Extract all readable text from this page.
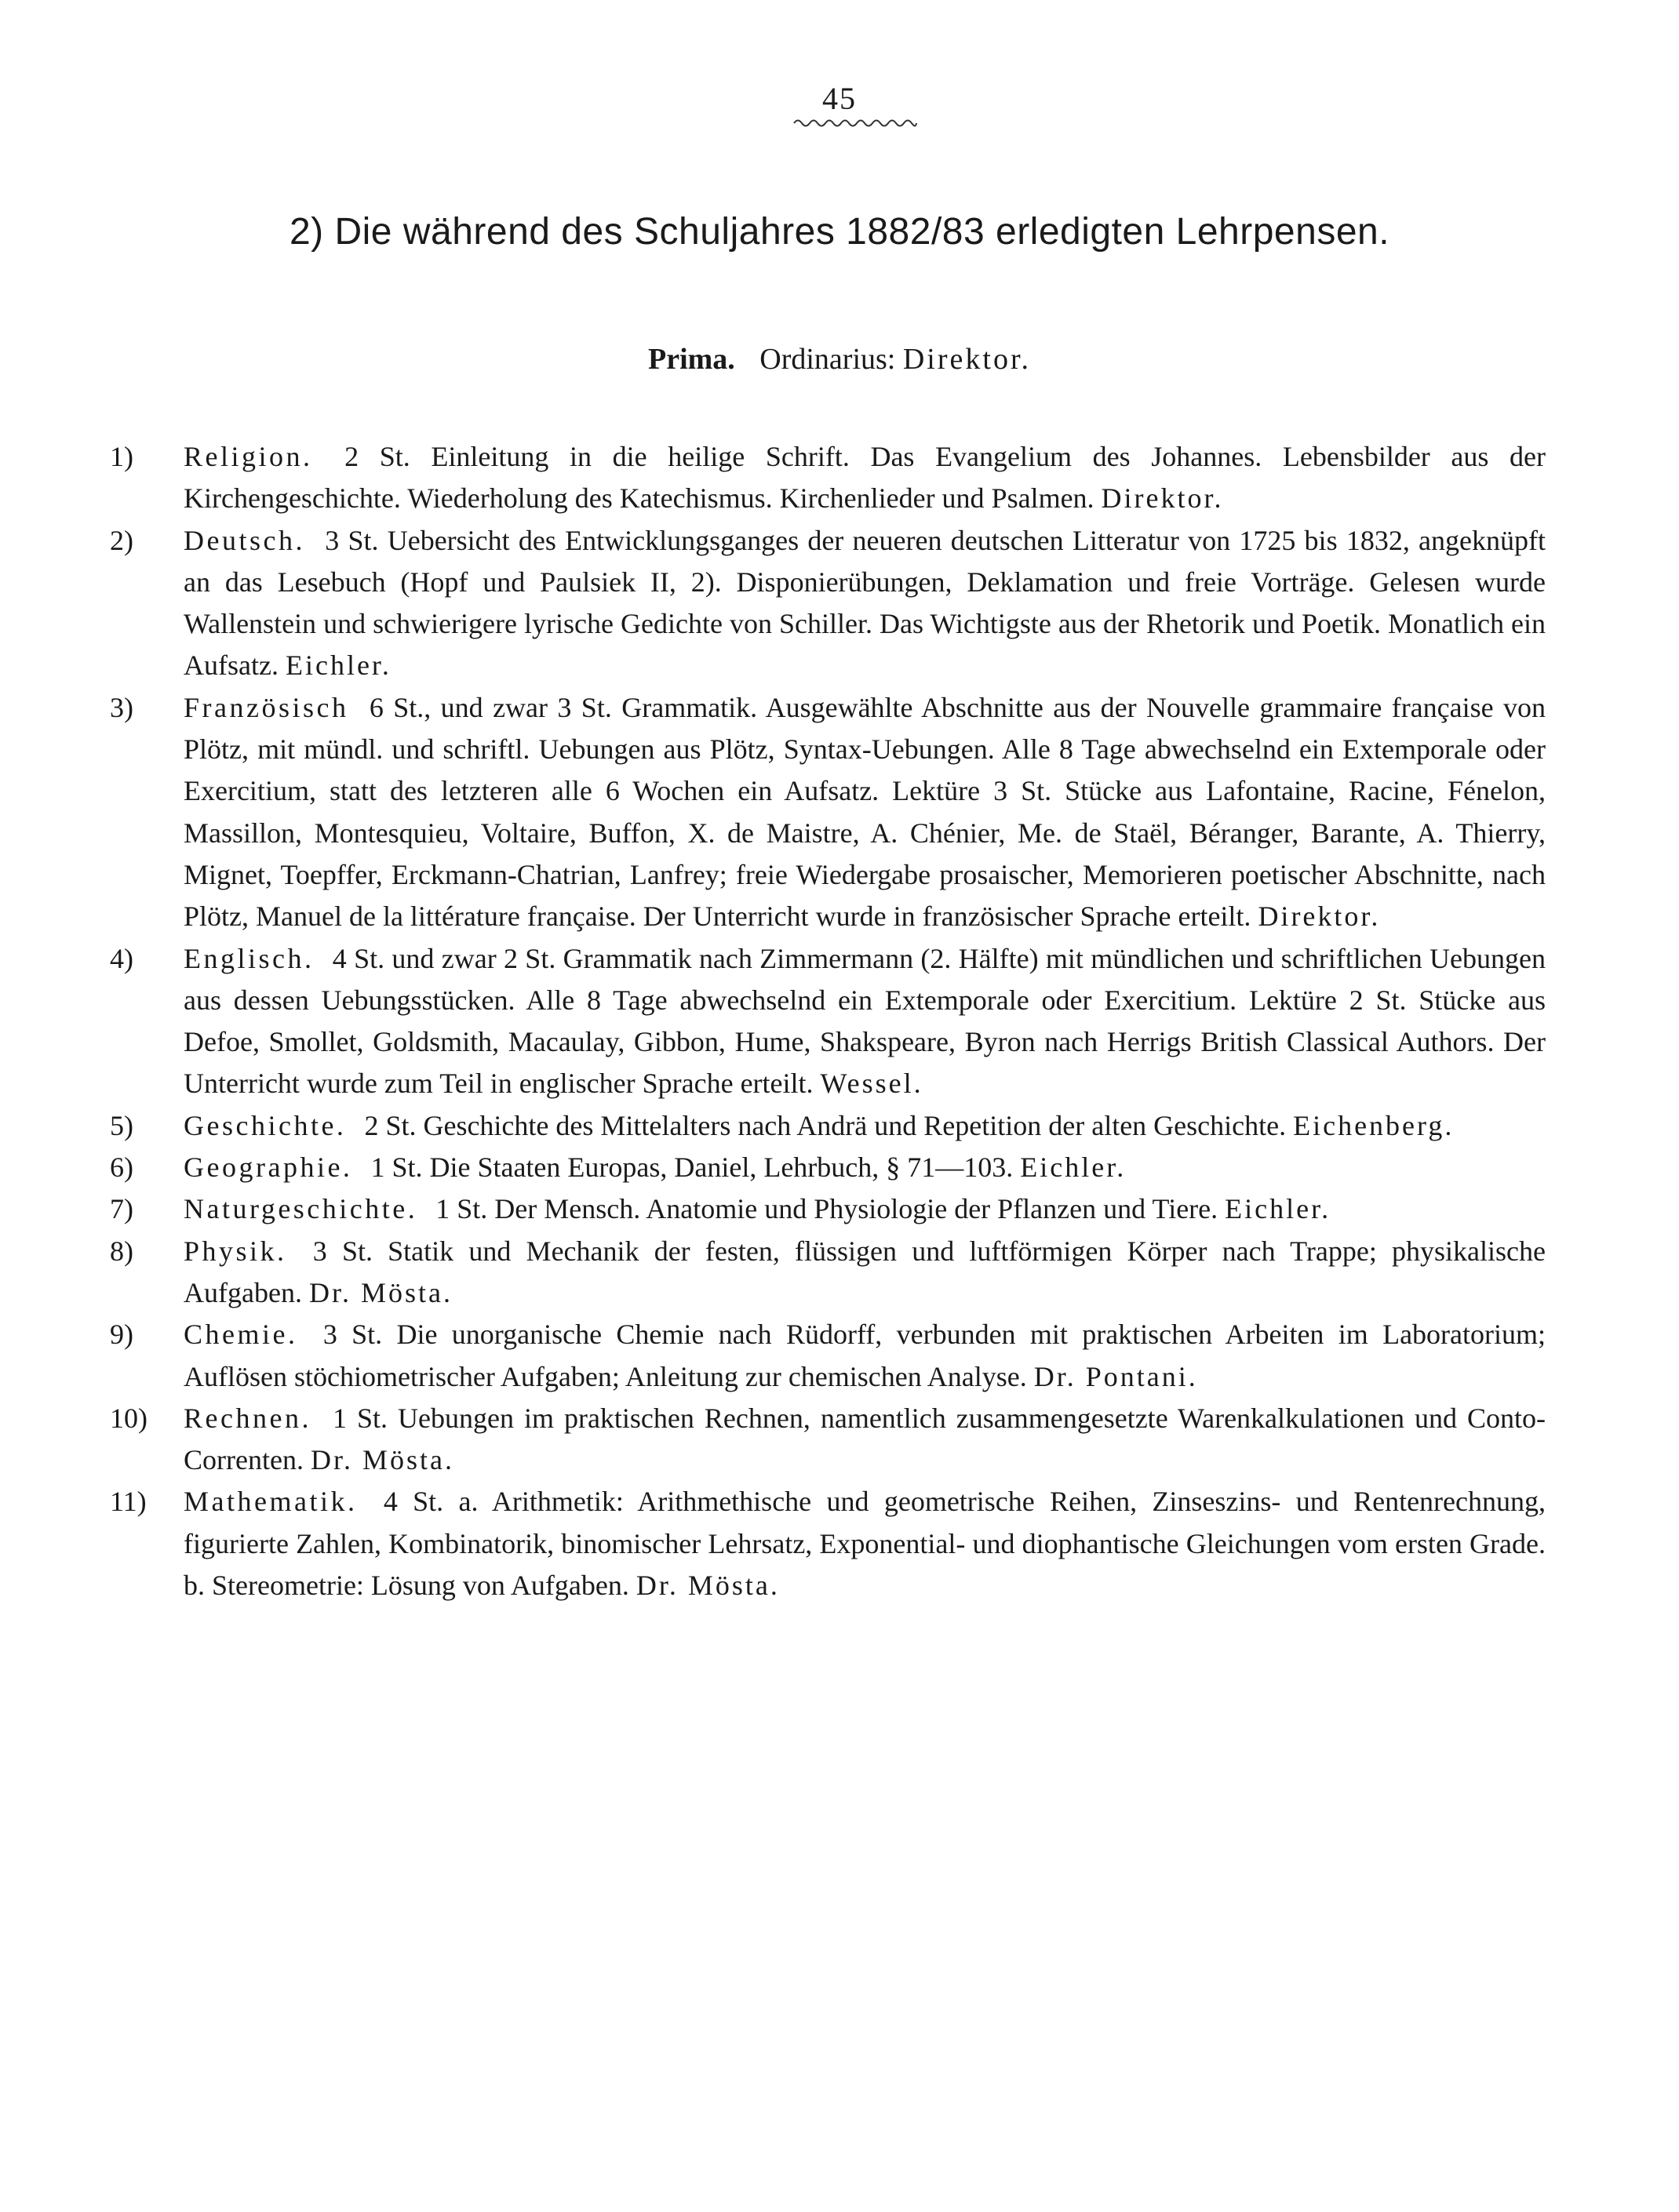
45
2) Die während des Schuljahres 1882/83 erledigten Lehrpensen.
Prima. Ordinarius: Direktor.
1)	Religion. 2 St. Einleitung in die heilige Schrift. Das Evangelium des Johannes. Lebensbilder aus der Kirchengeschichte. Wiederholung des Katechismus. Kirchenlieder und Psalmen. Direktor.
2)	Deutsch. 3 St. Uebersicht des Entwicklungsganges der neueren deutschen Litteratur von 1725 bis 1832, angeknüpft an das Lesebuch (Hopf und Paulsiek II, 2). Disponierübungen, Deklamation und freie Vorträge. Gelesen wurde Wallenstein und schwierigere lyrische Gedichte von Schiller. Das Wichtigste aus der Rhetorik und Poetik. Monatlich ein Aufsatz. Eichler.
3)	Französisch 6 St., und zwar 3 St. Grammatik. Ausgewählte Abschnitte aus der Nouvelle grammaire française von Plötz, mit mündl. und schriftl. Uebungen aus Plötz, Syntax-Uebungen. Alle 8 Tage abwechselnd ein Extemporale oder Exercitium, statt des letzteren alle 6 Wochen ein Aufsatz. Lektüre 3 St. Stücke aus Lafontaine, Racine, Fénelon, Massillon, Montesquieu, Voltaire, Buffon, X. de Maistre, A. Chénier, Me. de Staël, Béranger, Barante, A. Thierry, Mignet, Toepffer, Erckmann-Chatrian, Lanfrey; freie Wiedergabe prosaischer, Memorieren poetischer Abschnitte, nach Plötz, Manuel de la littérature française. Der Unterricht wurde in französischer Sprache erteilt. Direktor.
4)	Englisch. 4 St. und zwar 2 St. Grammatik nach Zimmermann (2. Hälfte) mit mündlichen und schriftlichen Uebungen aus dessen Uebungsstücken. Alle 8 Tage abwechselnd ein Extemporale oder Exercitium. Lektüre 2 St. Stücke aus Defoe, Smollet, Goldsmith, Macaulay, Gibbon, Hume, Shakspeare, Byron nach Herrigs British Classical Authors. Der Unterricht wurde zum Teil in englischer Sprache erteilt. Wessel.
5)	Geschichte. 2 St. Geschichte des Mittelalters nach Andrä und Repetition der alten Geschichte. Eichenberg.
6)	Geographie. 1 St. Die Staaten Europas, Daniel, Lehrbuch, § 71—103. Eichler.
7)	Naturgeschichte. 1 St. Der Mensch. Anatomie und Physiologie der Pflanzen und Tiere. Eichler.
8)	Physik. 3 St. Statik und Mechanik der festen, flüssigen und luftförmigen Körper nach Trappe; physikalische Aufgaben. Dr. Mösta.
9)	Chemie. 3 St. Die unorganische Chemie nach Rüdorff, verbunden mit praktischen Arbeiten im Laboratorium; Auflösen stöchiometrischer Aufgaben; Anleitung zur chemischen Analyse. Dr. Pontani.
10)	Rechnen. 1 St. Uebungen im praktischen Rechnen, namentlich zusammengesetzte Warenkalkulationen und Conto-Correnten. Dr. Mösta.
11)	Mathematik. 4 St. a. Arithmetik: Arithmethische und geometrische Reihen, Zinseszins- und Rentenrechnung, figurierte Zahlen, Kombinatorik, binomischer Lehrsatz, Exponential- und diophantische Gleichungen vom ersten Grade. b. Stereometrie: Lösung von Aufgaben. Dr. Mösta.
